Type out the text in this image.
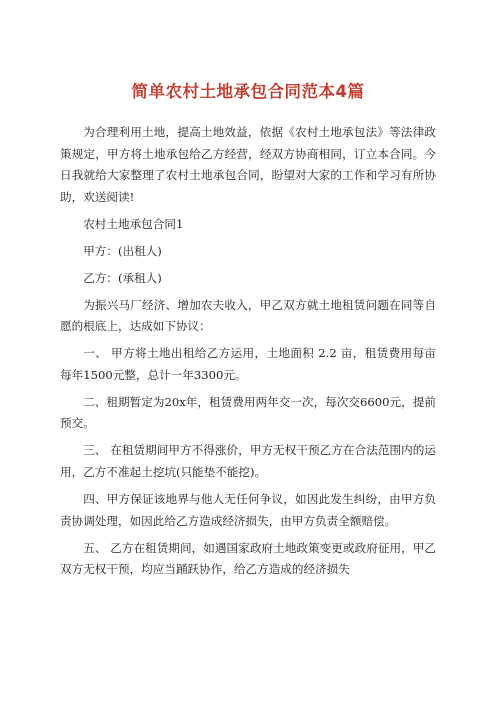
简单农村土地承包合同范本4篇

为合理利用土地，提高土地效益，依据《农村土地承包法》等法律政策规定，甲方将土地承包给乙方经营，经双方协商相同，订立本合同。今日我就给大家整理了农村土地承包合同，盼望对大家的工作和学习有所协助，欢送阅读!

农村土地承包合同1

甲方：(出租人)

乙方：(承租人)

为振兴马厂经济、增加农夫收入，甲乙双方就土地租赁问题在同等自愿的根底上，达成如下协议：

一、 甲方将土地出租给乙方运用，土地面积 2.2 亩，租赁费用每亩每年1500元整，总计一年3300元。

二、租期暂定为20x年，租赁费用两年交一次，每次交6600元，提前预交。

三、 在租赁期间甲方不得涨价，甲方无权干预乙方在合法范围内的运用，乙方不准起土挖坑(只能垫不能挖)。

四、甲方保证该地界与他人无任何争议，如因此发生纠纷，由甲方负责协调处理，如因此给乙方造成经济损失，由甲方负责全额赔偿。

五、 乙方在租赁期间，如遇国家政府土地政策变更或政府征用，甲乙双方无权干预，均应当踊跃协作，给乙方造成的经济损失
